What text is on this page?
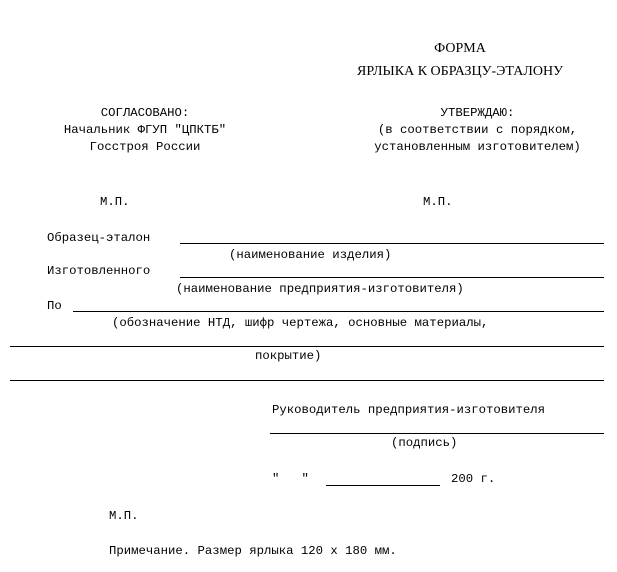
ФОРМА
ЯРЛЫКА К ОБРАЗЦУ-ЭТАЛОНУ
СОГЛАСОВАНО:
Начальник ФГУП "ЦПКТБ"
Госстроя России
М.П.
УТВЕРЖДАЮ:
(в соответствии с порядком,
установленным изготовителем)
М.П.
Образец-эталон
(наименование изделия)
Изготовленного
(наименование предприятия-изготовителя)
По
(обозначение НТД, шифр чертежа, основные материалы,
покрытие)
Руководитель предприятия-изготовителя
(подпись)
"   "	200 г.
М.П.
Примечание. Размер ярлыка 120 х 180 мм.
